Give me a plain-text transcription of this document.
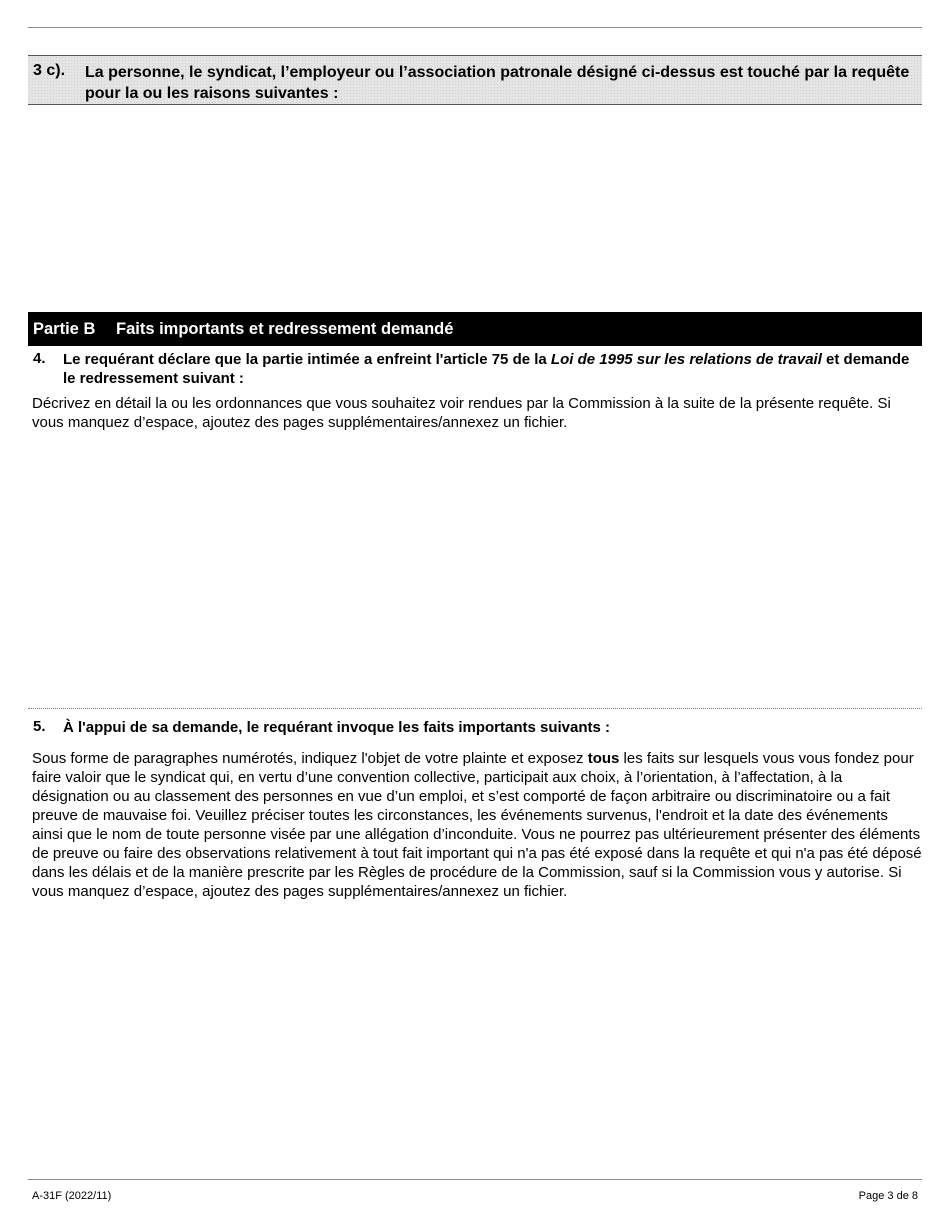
3 c). La personne, le syndicat, l’employeur ou l’association patronale désigné ci-dessus est touché par la requête pour la ou les raisons suivantes :
Partie B Faits importants et redressement demandé
4. Le requérant déclare que la partie intimée a enfreint l'article 75 de la Loi de 1995 sur les relations de travail et demande le redressement suivant :
Décrivez en détail la ou les ordonnances que vous souhaitez voir rendues par la Commission à la suite de la présente requête. Si vous manquez d’espace, ajoutez des pages supplémentaires/annexez un fichier.
5. À l'appui de sa demande, le requérant invoque les faits importants suivants :
Sous forme de paragraphes numérotés, indiquez l'objet de votre plainte et exposez tous les faits sur lesquels vous vous fondez pour faire valoir que le syndicat qui, en vertu d’une convention collective, participait aux choix, à l’orientation, à l’affectation, à la désignation ou au classement des personnes en vue d’un emploi, et s’est comporté de façon arbitraire ou discriminatoire ou a fait preuve de mauvaise foi. Veuillez préciser toutes les circonstances, les événements survenus, l'endroit et la date des événements ainsi que le nom de toute personne visée par une allégation d’inconduite. Vous ne pourrez pas ultérieurement présenter des éléments de preuve ou faire des observations relativement à tout fait important qui n'a pas été exposé dans la requête et qui n'a pas été déposé dans les délais et de la manière prescrite par les Règles de procédure de la Commission, sauf si la Commission vous y autorise. Si vous manquez d’espace, ajoutez des pages supplémentaires/annexez un fichier.
A-31F (2022/11)	Page 3 de 8
